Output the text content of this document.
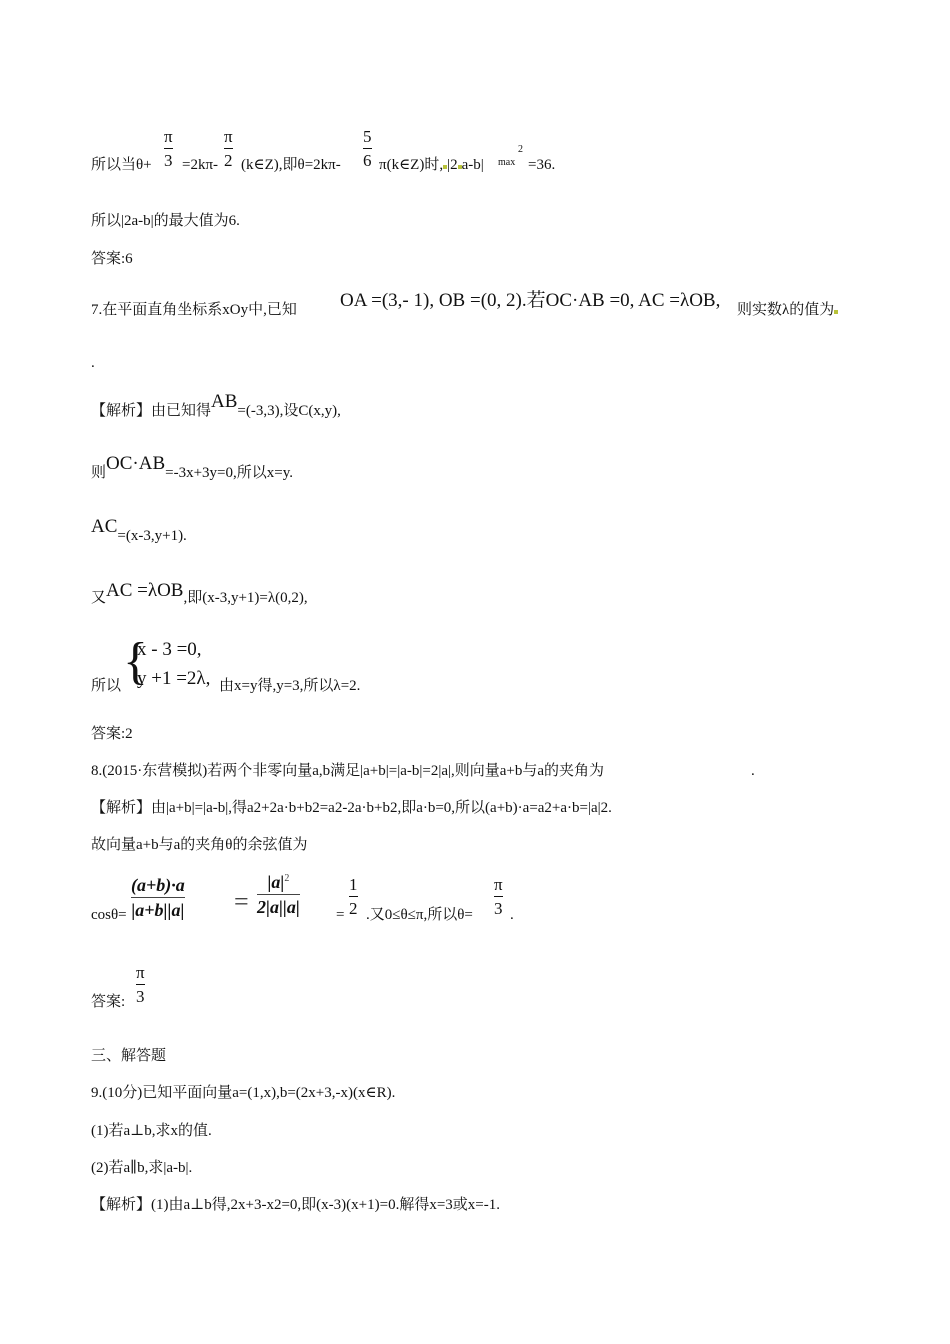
所以当θ+
π
3 =2kπ-
π
2 (k∈Z),即θ=2kπ-
5
6 π(k∈Z)时, |2 a-b| max
2
=36.
所以|2a-b|的最大值为6.
答案:6
7.在平面直角坐标系xOy中,已知 OA =(3,- 1), OB =(0, 2).若OC·AB =0, AC =λOB, 则实数λ的值为
.
【解析】由已知得AB=(-3,3),设C(x,y),
则OC·AB=-3x+3y=0,所以x=y.
AC=(x-3,y+1).
又AC =λOB,即(x-3,y+1)=λ(0,2),
所以 {
x - 3 =0,
y +1 =2λ, 由x=y得,y=3,所以λ=2.
答案:2
8.(2015·东营模拟)若两个非零向量a,b满足|a+b|=|a-b|=2|a|,则向量a+b与a的夹角为	.
【解析】由|a+b|=|a-b|,得a2+2a·b+b2=a2-2a·b+b2,即a·b=0,所以(a+b)·a=a2+a·b=|a|2.
故向量a+b与a的夹角θ的余弦值为
cosθ=
(a+b)·a
|a+b||a| =
$|a|^2$
2|a||a| =
1
2 .又0≤θ≤π,所以θ=
π
3 .
答案:
π
3
三、解答题
9.(10分)已知平面向量a=(1,x),b=(2x+3,-x)(x∈R).
(1)若a⊥b,求x的值.
(2)若a∥b,求|a-b|.
【解析】(1)由a⊥b得,2x+3-x2=0,即(x-3)(x+1)=0.解得x=3或x=-1.
